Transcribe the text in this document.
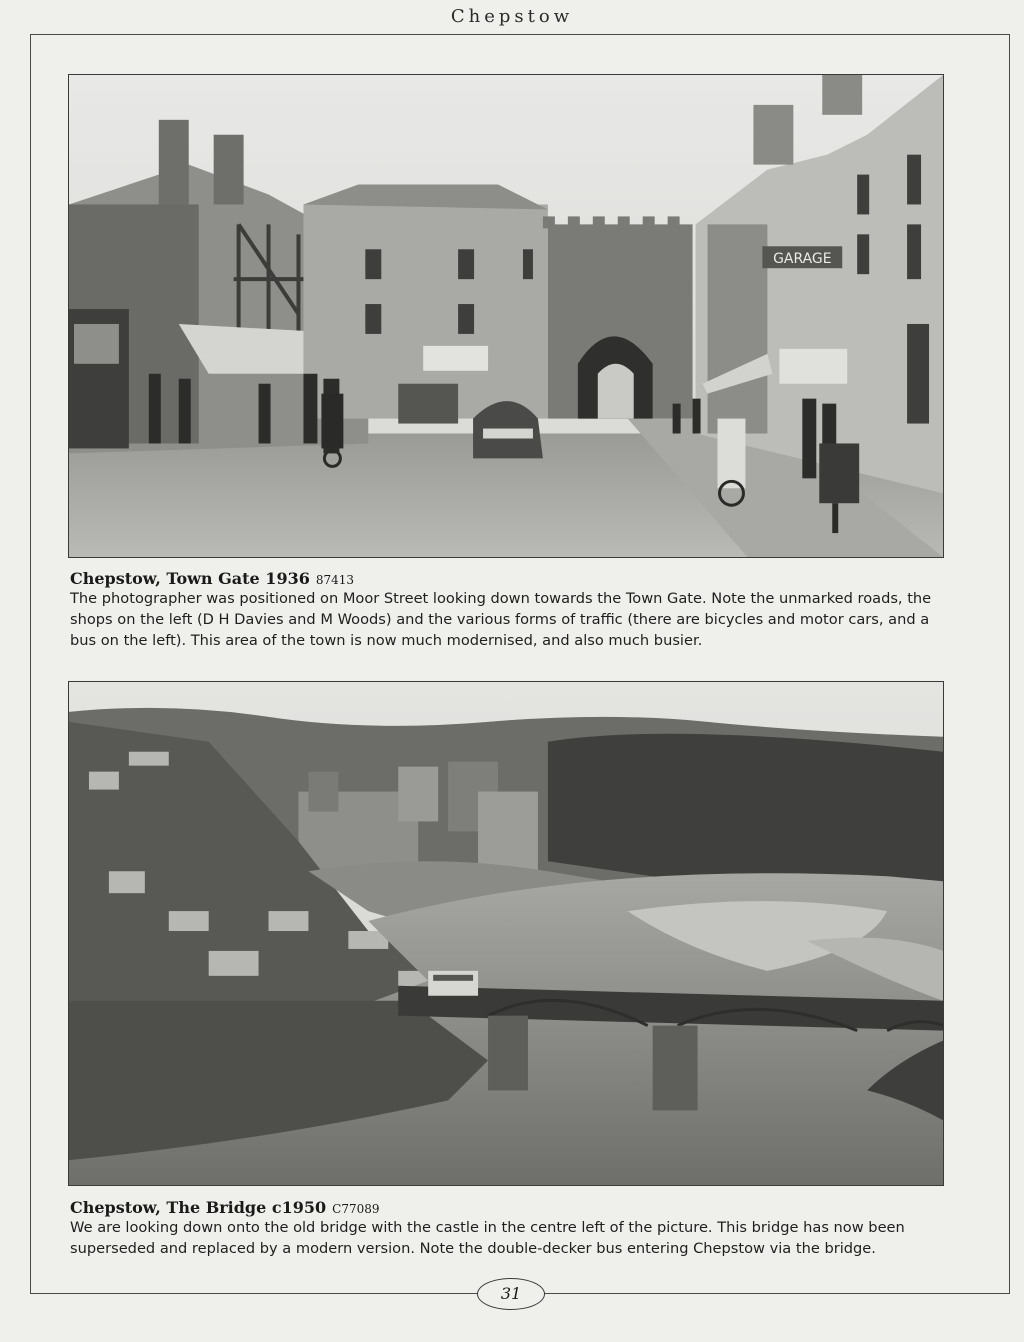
Chepstow
GARAGE
Chepstow, Town Gate 1936 87413
The photographer was positioned on Moor Street looking down towards the Town Gate. Note the unmarked roads, the shops on the left (D H Davies and M Woods) and the various forms of traffic (there are bicycles and motor cars, and a bus on the left). This area of the town is now much modernised, and also much busier.
Chepstow, The Bridge c1950 C77089
We are looking down onto the old bridge with the castle in the centre left of the picture. This bridge has now been superseded and replaced by a modern version. Note the double-decker bus entering Chepstow via the bridge.
31
